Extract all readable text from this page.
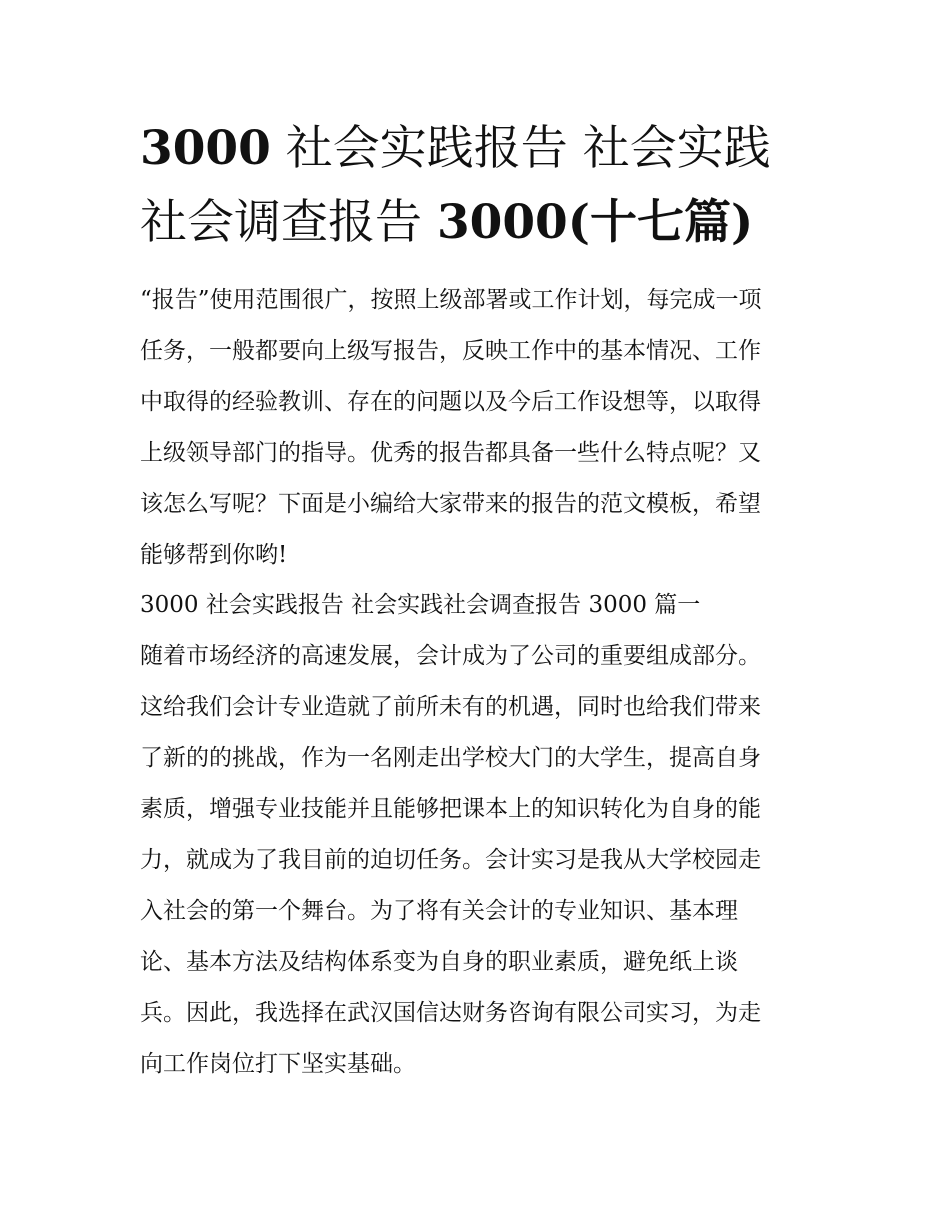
3000 社会实践报告 社会实践
社会调查报告 3000(十七篇)

“报告”使用范围很广，按照上级部署或工作计划，每完成一项

任务，一般都要向上级写报告，反映工作中的基本情况、工作

中取得的经验教训、存在的问题以及今后工作设想等，以取得

上级领导部门的指导。优秀的报告都具备一些什么特点呢？又

该怎么写呢？下面是小编给大家带来的报告的范文模板，希望

能够帮到你哟!

3000 社会实践报告 社会实践社会调查报告 3000 篇一

随着市场经济的高速发展，会计成为了公司的重要组成部分。

这给我们会计专业造就了前所未有的机遇，同时也给我们带来

了新的的挑战，作为一名刚走出学校大门的大学生，提高自身

素质，增强专业技能并且能够把课本上的知识转化为自身的能

力，就成为了我目前的迫切任务。会计实习是我从大学校园走

入社会的第一个舞台。为了将有关会计的专业知识、基本理

论、基本方法及结构体系变为自身的职业素质，避免纸上谈

兵。因此，我选择在武汉国信达财务咨询有限公司实习，为走

向工作岗位打下坚实基础。
